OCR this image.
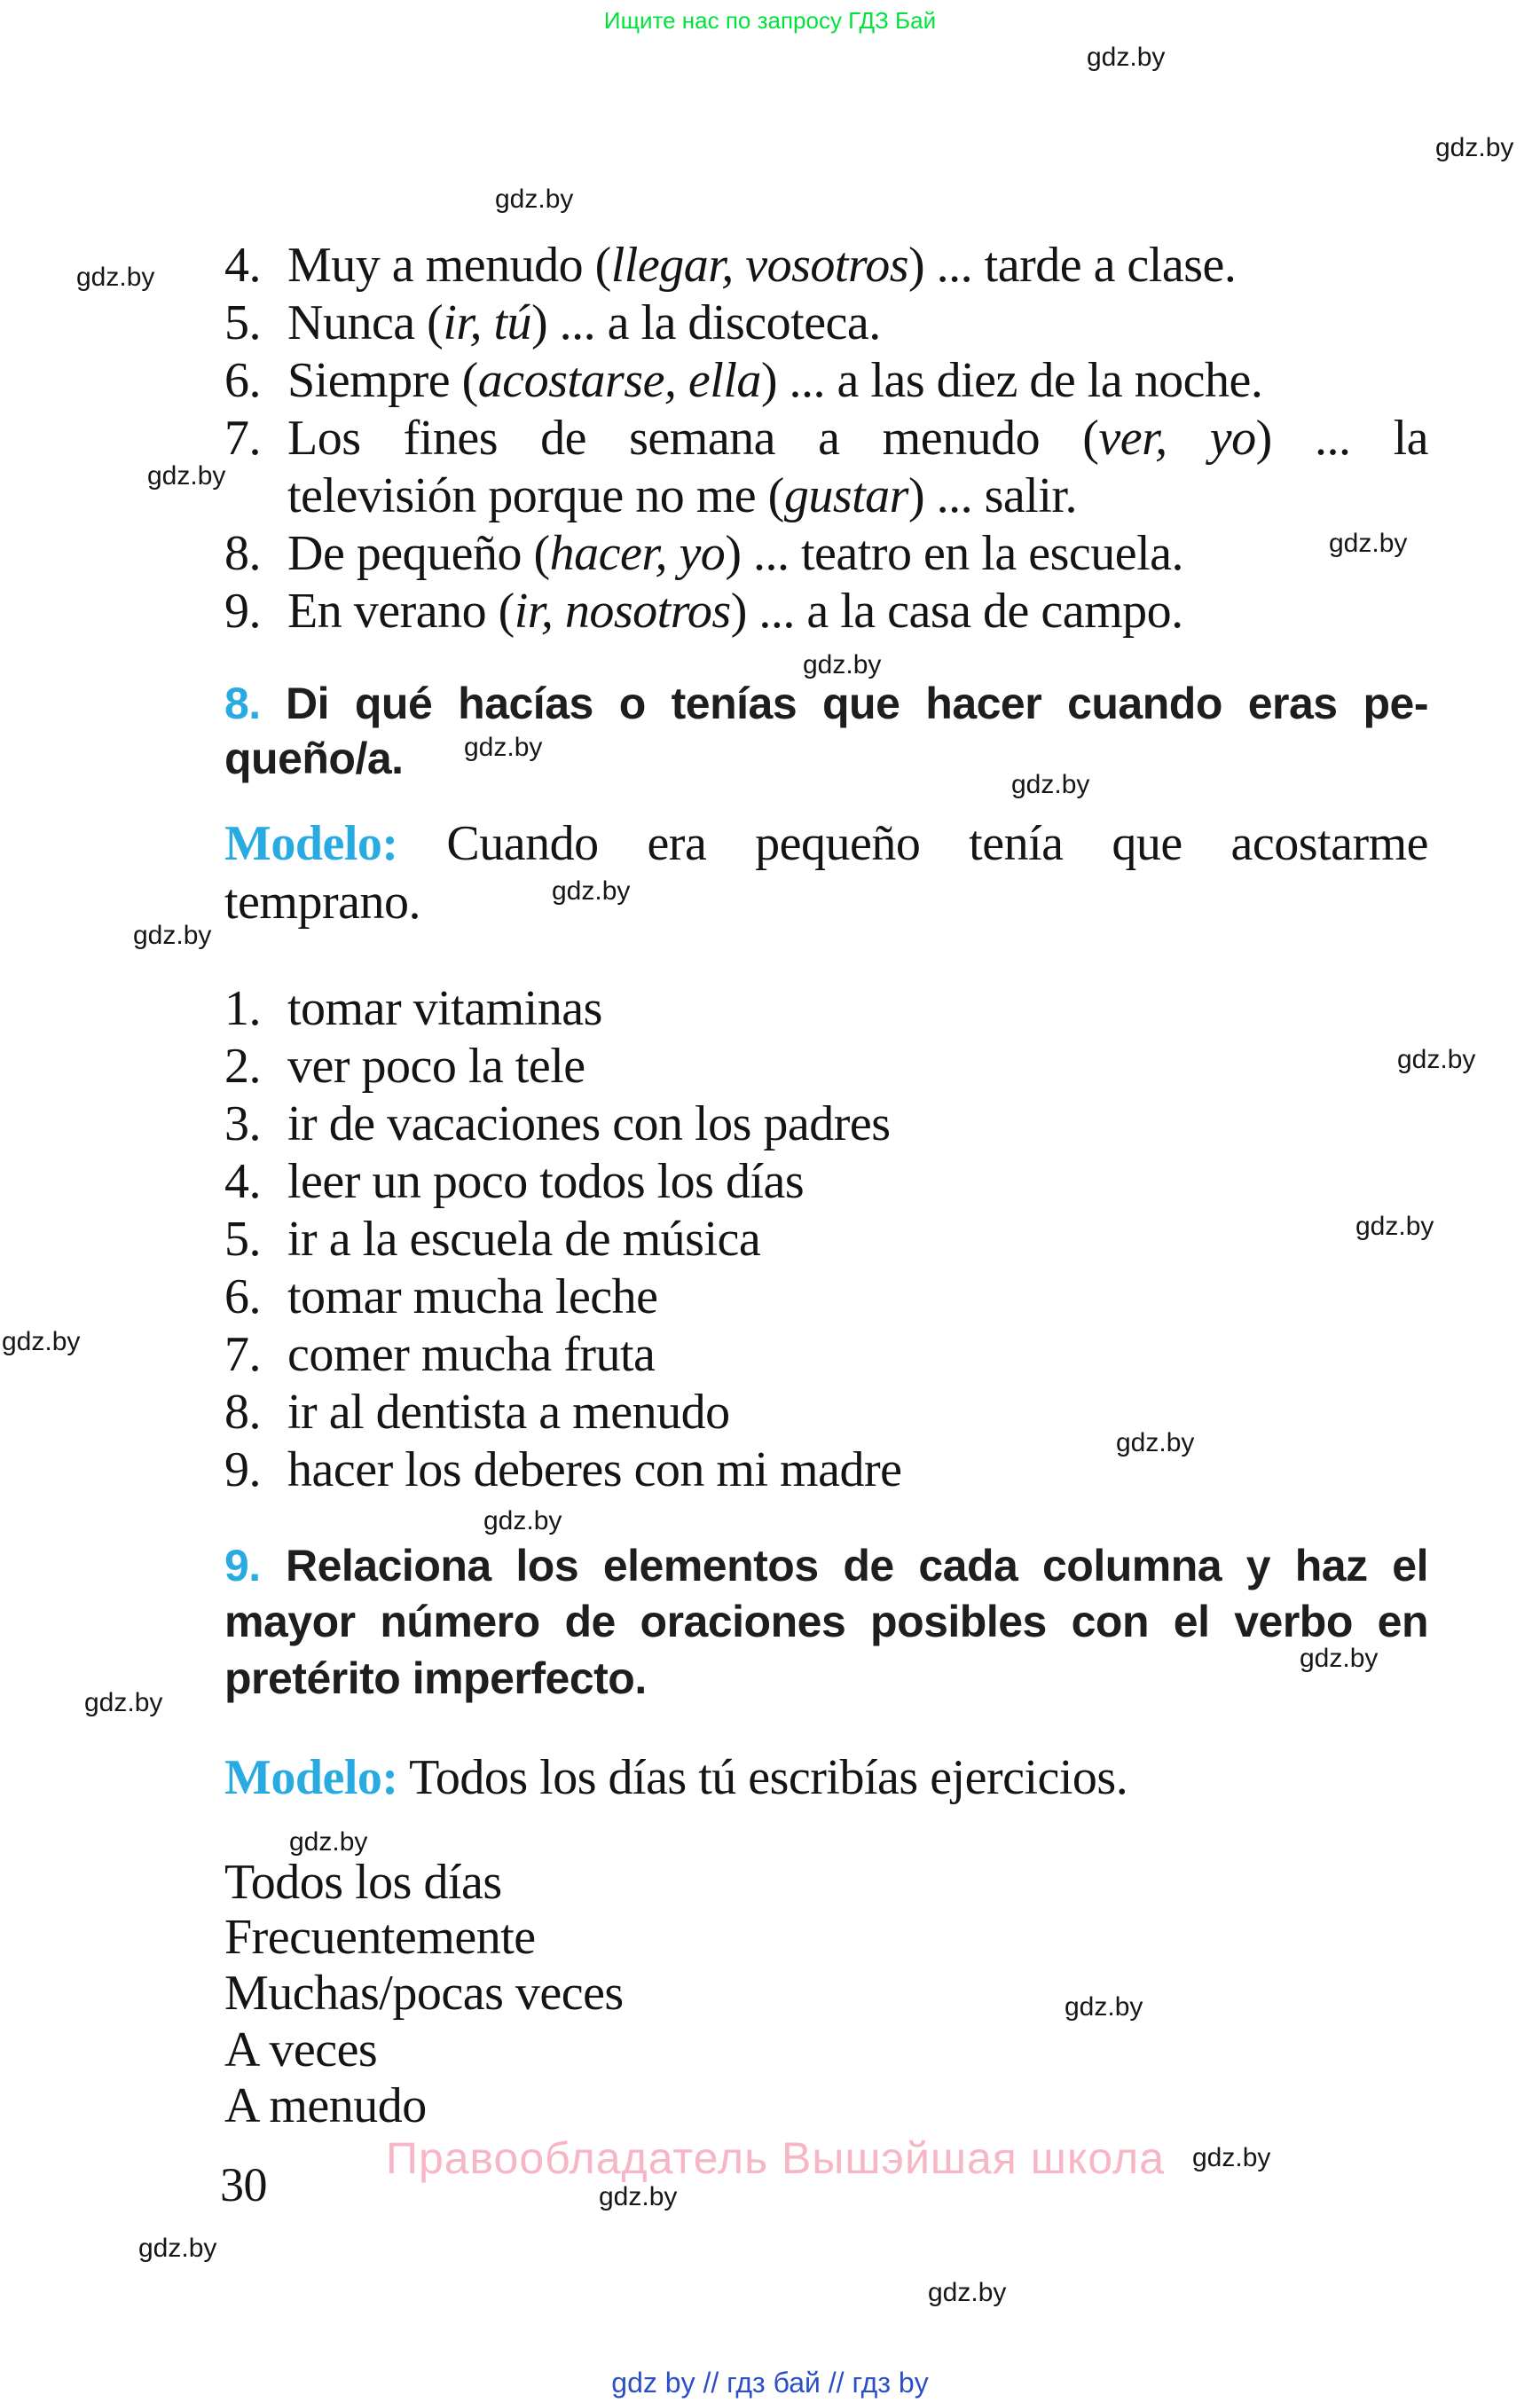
Ищите нас по запросу ГДЗ Бай
gdz.by
gdz.by
gdz.by
gdz.by
gdz.by
gdz.by
gdz.by
gdz.by
gdz.by
gdz.by
gdz.by
gdz.by
gdz.by
gdz.by
gdz.by
gdz.by
gdz.by
gdz.by
gdz.by
gdz.by
gdz.by
gdz.by
gdz.by
gdz.by
4. Muy a menudo (llegar, vosotros) ... tarde a clase.
5. Nunca (ir, tú) ... a la discoteca.
6. Siempre (acostarse, ella) ... a las diez de la noche.
7. Los fines de semana a menudo (ver, yo) ... la
televisión porque no me (gustar) ... salir.
8. De pequeño (hacer, yo) ... teatro en la escuela.
9. En verano (ir, nosotros) ... a la casa de campo.
8. Di qué hacías o tenías que hacer cuando eras pe-
queño/a.
Modelo: Cuando era pequeño tenía que acostarme
temprano.
1. tomar vitaminas
2. ver poco la tele
3. ir de vacaciones con los padres
4. leer un poco todos los días
5. ir a la escuela de música
6. tomar mucha leche
7. comer mucha fruta
8. ir al dentista a menudo
9. hacer los deberes con mi madre
9. Relaciona los elementos de cada columna y haz el
mayor número de oraciones posibles con el verbo en
pretérito imperfecto.
Modelo: Todos los días tú escribías ejercicios.
Todos los días
Frecuentemente
Muchas/pocas veces
A veces
A menudo
Правообладатель Вышэйшая школа
30
gdz by // гдз бай // гдз by
